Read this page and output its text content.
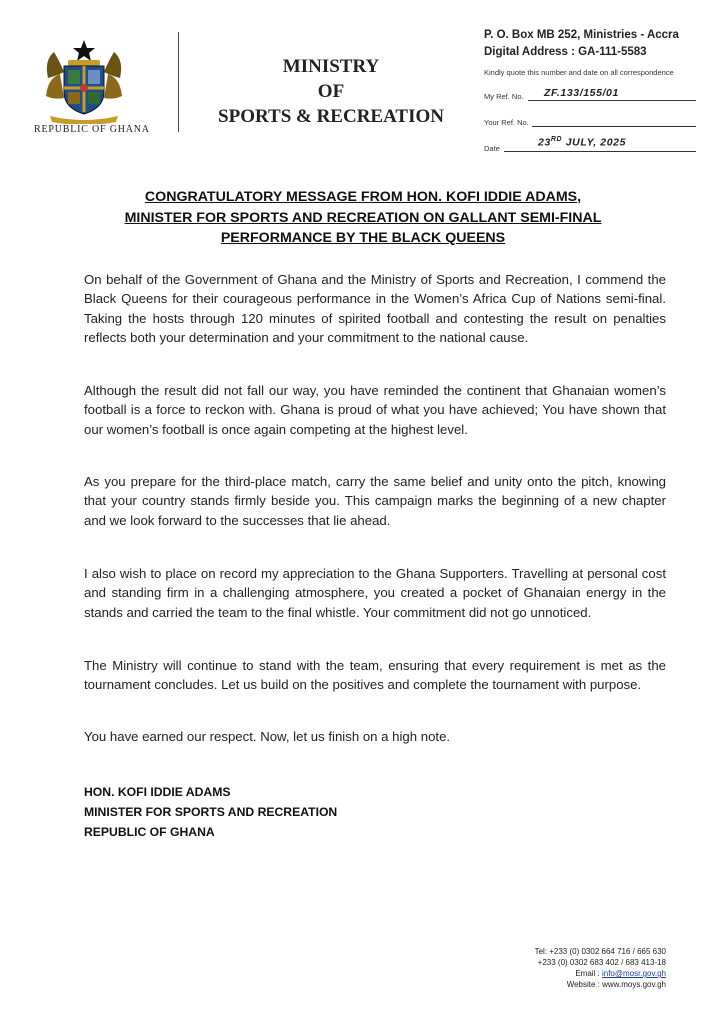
REPUBLIC OF GHANA
MINISTRY
OF
SPORTS & RECREATION
P. O. Box MB 252, Ministries - Accra
Digital Address : GA-111-5583
Kindly quote this number and date on all correspondence
My Ref. No. ZF.133/155/01
Your Ref. No.
Date	23RD JULY, 2025
CONGRATULATORY MESSAGE FROM HON. KOFI IDDIE ADAMS,
MINISTER FOR SPORTS AND RECREATION ON GALLANT SEMI-FINAL
PERFORMANCE BY THE BLACK QUEENS
On behalf of the Government of Ghana and the Ministry of Sports and Recreation, I commend the Black Queens for their courageous performance in the Women’s Africa Cup of Nations semi-final. Taking the hosts through 120 minutes of spirited football and contesting the result on penalties reflects both your determination and your commitment to the national cause.
Although the result did not fall our way, you have reminded the continent that Ghanaian women’s football is a force to reckon with. Ghana is proud of what you have achieved; You have shown that our women’s football is once again competing at the highest level.
As you prepare for the third-place match, carry the same belief and unity onto the pitch, knowing that your country stands firmly beside you. This campaign marks the beginning of a new chapter and we look forward to the successes that lie ahead.
I also wish to place on record my appreciation to the Ghana Supporters. Travelling at personal cost and standing firm in a challenging atmosphere, you created a pocket of Ghanaian energy in the stands and carried the team to the final whistle. Your commitment did not go unnoticed.
The Ministry will continue to stand with the team, ensuring that every requirement is met as the tournament concludes. Let us build on the positives and complete the tournament with purpose.
You have earned our respect. Now, let us finish on a high note.
HON. KOFI IDDIE ADAMS
MINISTER FOR SPORTS AND RECREATION
REPUBLIC OF GHANA
Tel: +233 (0) 0302 664 716 / 665 630
+233 (0) 0302 683 402 / 683 413-18
Email : info@mosr.gov.gh
Website : www.moys.gov.gh
